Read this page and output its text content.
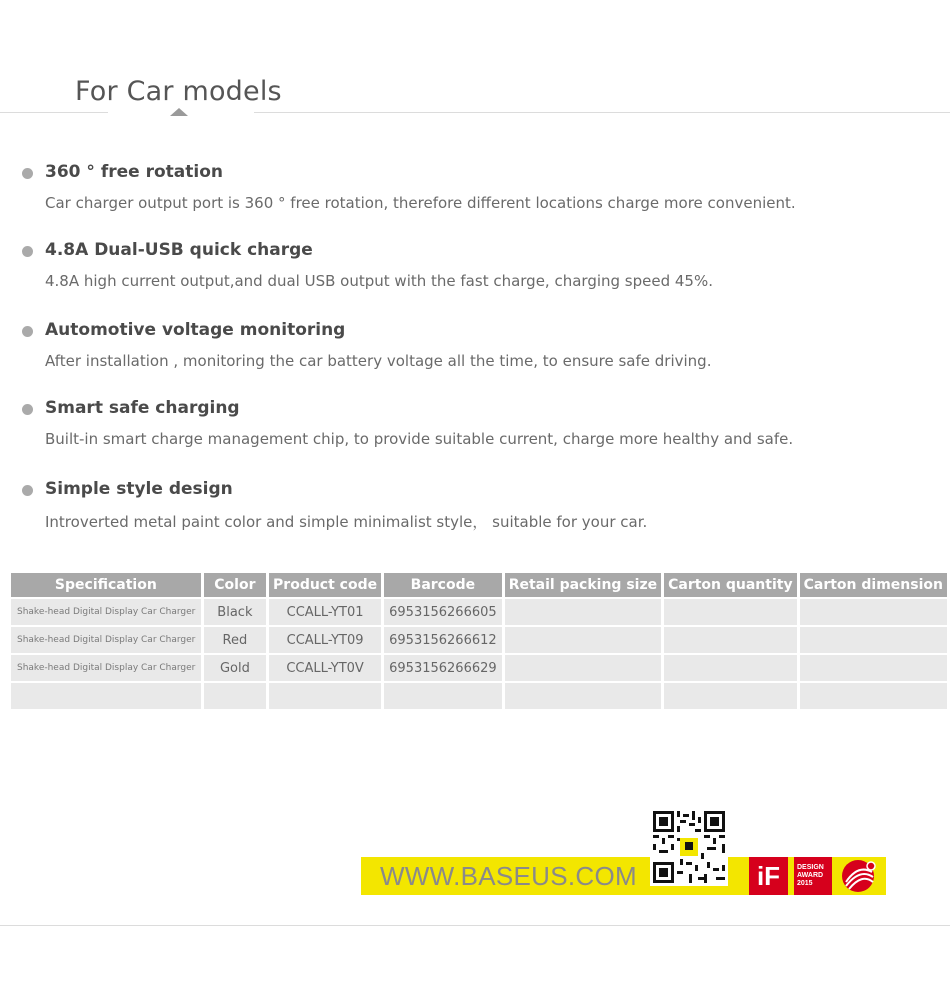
For Car models
360 ° free rotation
Car charger output port is 360 ° free rotation, therefore different locations charge more convenient.
4.8A Dual-USB quick charge
4.8A high current output,and dual USB output with the fast charge, charging speed 45%.
Automotive voltage monitoring
After installation , monitoring the car battery voltage all the time, to ensure safe driving.
Smart safe charging
Built-in smart charge management chip, to provide suitable current, charge more healthy and safe.
Simple style design
Introverted metal paint color and simple minimalist style， suitable for your car.
Specification	Color	Product code	Barcode	Retail packing size	Carton quantity	Carton dimension
Shake-head Digital Display Car Charger	Black	CCALL-YT01	6953156266605			
Shake-head Digital Display Car Charger	Red	CCALL-YT09	6953156266612			
Shake-head Digital Display Car Charger	Gold	CCALL-YT0V	6953156266629			

WWW.BASEUS.COM	iF	DESIGN
AWARD
2015
